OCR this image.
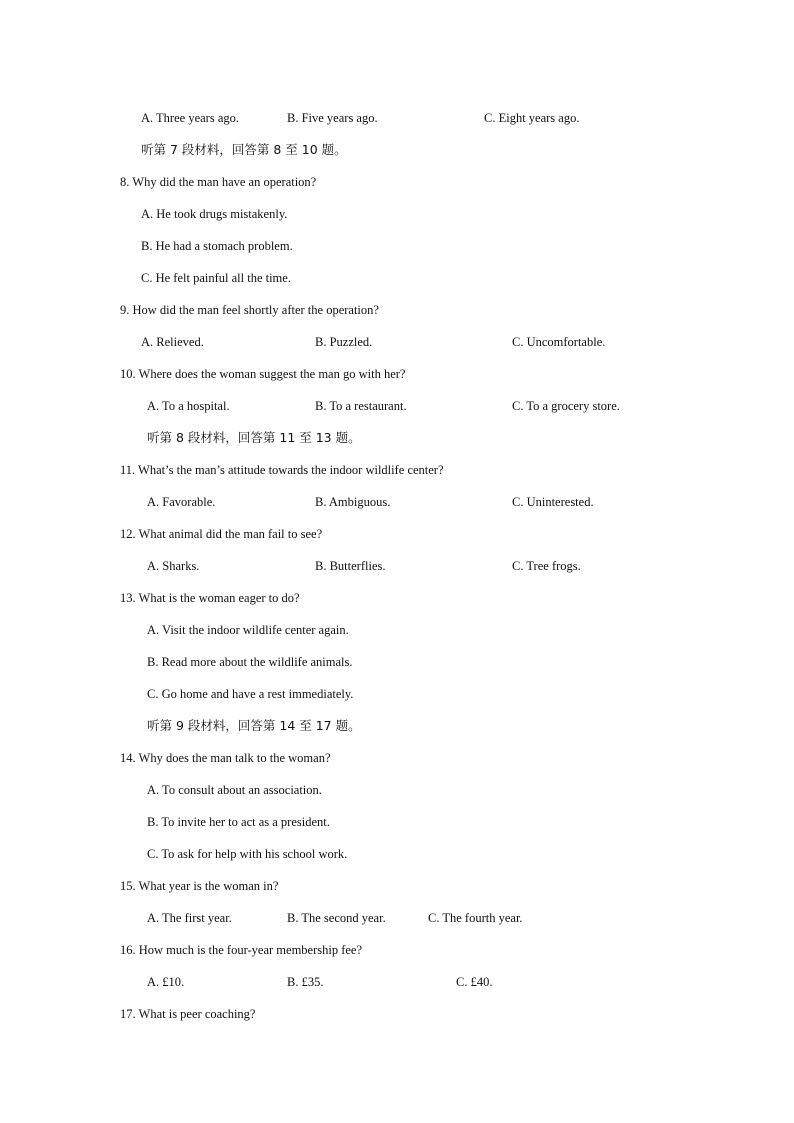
A. Three years ago.	B. Five years ago.	C. Eight years ago.
听第 7 段材料，回答第 8 至 10 题。
8. Why did the man have an operation?
A. He took drugs mistakenly.
B. He had a stomach problem.
C. He felt painful all the time.
9. How did the man feel shortly after the operation?
A. Relieved.	B. Puzzled.	C. Uncomfortable.
10. Where does the woman suggest the man go with her?
A. To a hospital.	B. To a restaurant.	C. To a grocery store.
听第 8 段材料，回答第 11 至 13 题。
11. What’s the man’s attitude towards the indoor wildlife center?
A. Favorable.	B. Ambiguous.	C. Uninterested.
12. What animal did the man fail to see?
A. Sharks.	B. Butterflies.	C. Tree frogs.
13. What is the woman eager to do?
A. Visit the indoor wildlife center again.
B. Read more about the wildlife animals.
C. Go home and have a rest immediately.
听第 9 段材料，回答第 14 至 17 题。
14. Why does the man talk to the woman?
A. To consult about an association.
B. To invite her to act as a president.
C. To ask for help with his school work.
15. What year is the woman in?
A. The first year.	B. The second year.	C. The fourth year.
16. How much is the four-year membership fee?
A. £10.	B. £35.	C. £40.
17. What is peer coaching?
